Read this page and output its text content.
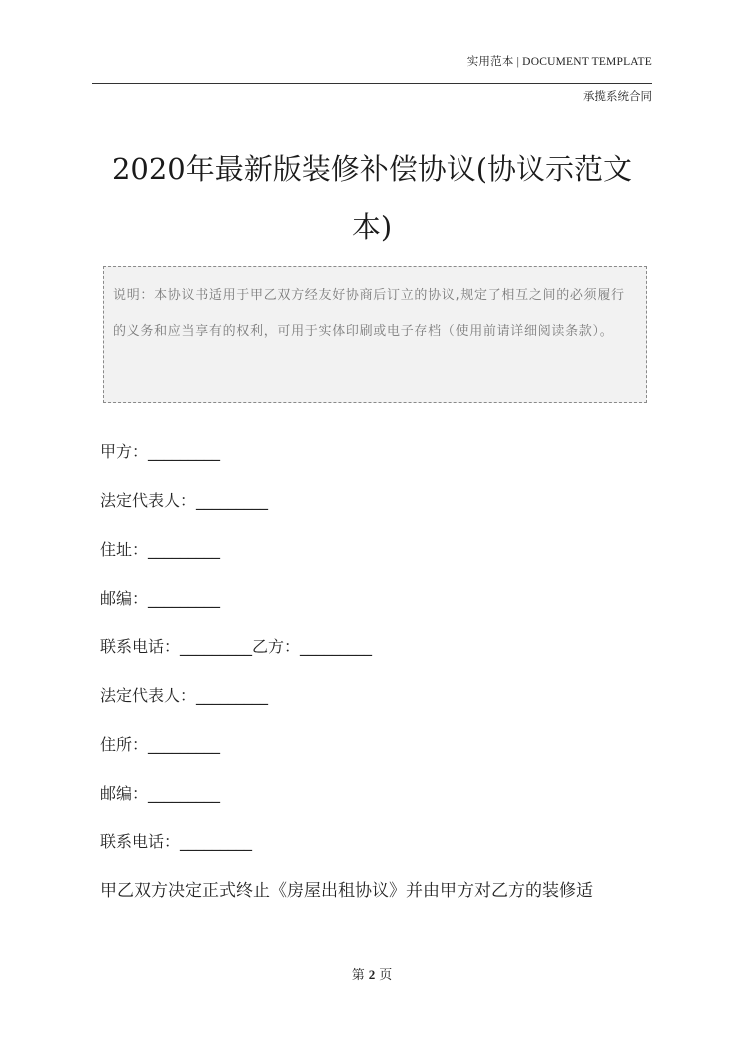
实用范本 | DOCUMENT TEMPLATE
承揽系统合同
2020年最新版装修补偿协议(协议示范文本)

说明：本协议书适用于甲乙双方经友好协商后订立的协议,规定了相互之间的必须履行的义务和应当享有的权利，可用于实体印刷或电子存档（使用前请详细阅读条款）。

甲方：_________
法定代表人：_________
住址：_________
邮编：_________
联系电话：_________乙方：_________
法定代表人：_________
住所：_________
邮编：_________
联系电话：_________
甲乙双方决定正式终止《房屋出租协议》并由甲方对乙方的装修适
第 2 页
